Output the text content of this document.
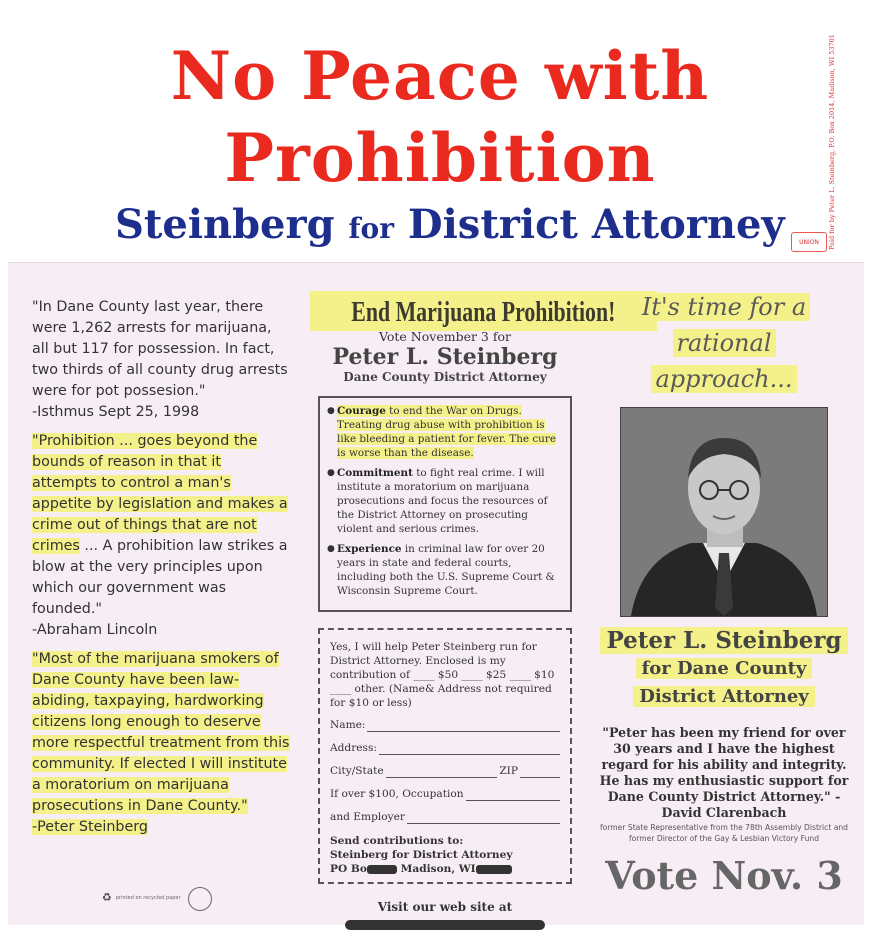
No Peace with
Prohibition
Steinberg for District Attorney	Paid for by Peter L. Steinberg, P.O. Box 2014, Madison, WI 53701
UNION

"In Dane County last year, there were 1,262 arrests for marijuana, all but 117 for possession. In fact, two thirds of all county drug arrests were for pot possesion."
-Isthmus Sept 25, 1998

"Prohibition ... goes beyond the bounds of reason in that it attempts to control a man's appetite by legislation and makes a crime out of things that are not crimes ... A prohibition law strikes a blow at the very principles upon which our government was founded."
-Abraham Lincoln

"Most of the marijuana smokers of Dane County have been law-abiding, taxpaying, hardworking citizens long enough to deserve more respectful treatment from this community. If elected I will institute a moratorium on marijuana prosecutions in Dane County."
-Peter Steinberg

♻ printed on recycled paper
End Marijuana Prohibition!
Vote November 3 for
Peter L. Steinberg
Dane County District Attorney
● Courage to end the War on Drugs. Treating drug abuse with prohibition is like bleeding a patient for fever. The cure is worse than the disease.
● Commitment to fight real crime. I will institute a moratorium on marijuana prosecutions and focus the resources of the District Attorney on prosecuting violent and serious crimes.
● Experience in criminal law for over 20 years in state and federal courts, including both the U.S. Supreme Court & Wisconsin Supreme Court.
Yes, I will help Peter Steinberg run for District Attorney. Enclosed is my contribution of ____ $50 ____ $25 ____ $10 ____ other. (Name& Address not required for $10 or less)
Name:
Address:
City/State	ZIP
If over $100, Occupation
and Employer
Send contributions to:
Steinberg for District Attorney
PO Bo	Madison, WI
Visit our web site at
It's time for a
rational
approach...
Peter L. Steinberg
for Dane County
District Attorney
"Peter has been my friend for over 30 years and I have the highest regard for his ability and integrity. He has my enthusiastic support for Dane County District Attorney." -David Clarenbach
former State Representative from the 78th Assembly District and former Director of the Gay & Lesbian Victory Fund
Vote Nov. 3
